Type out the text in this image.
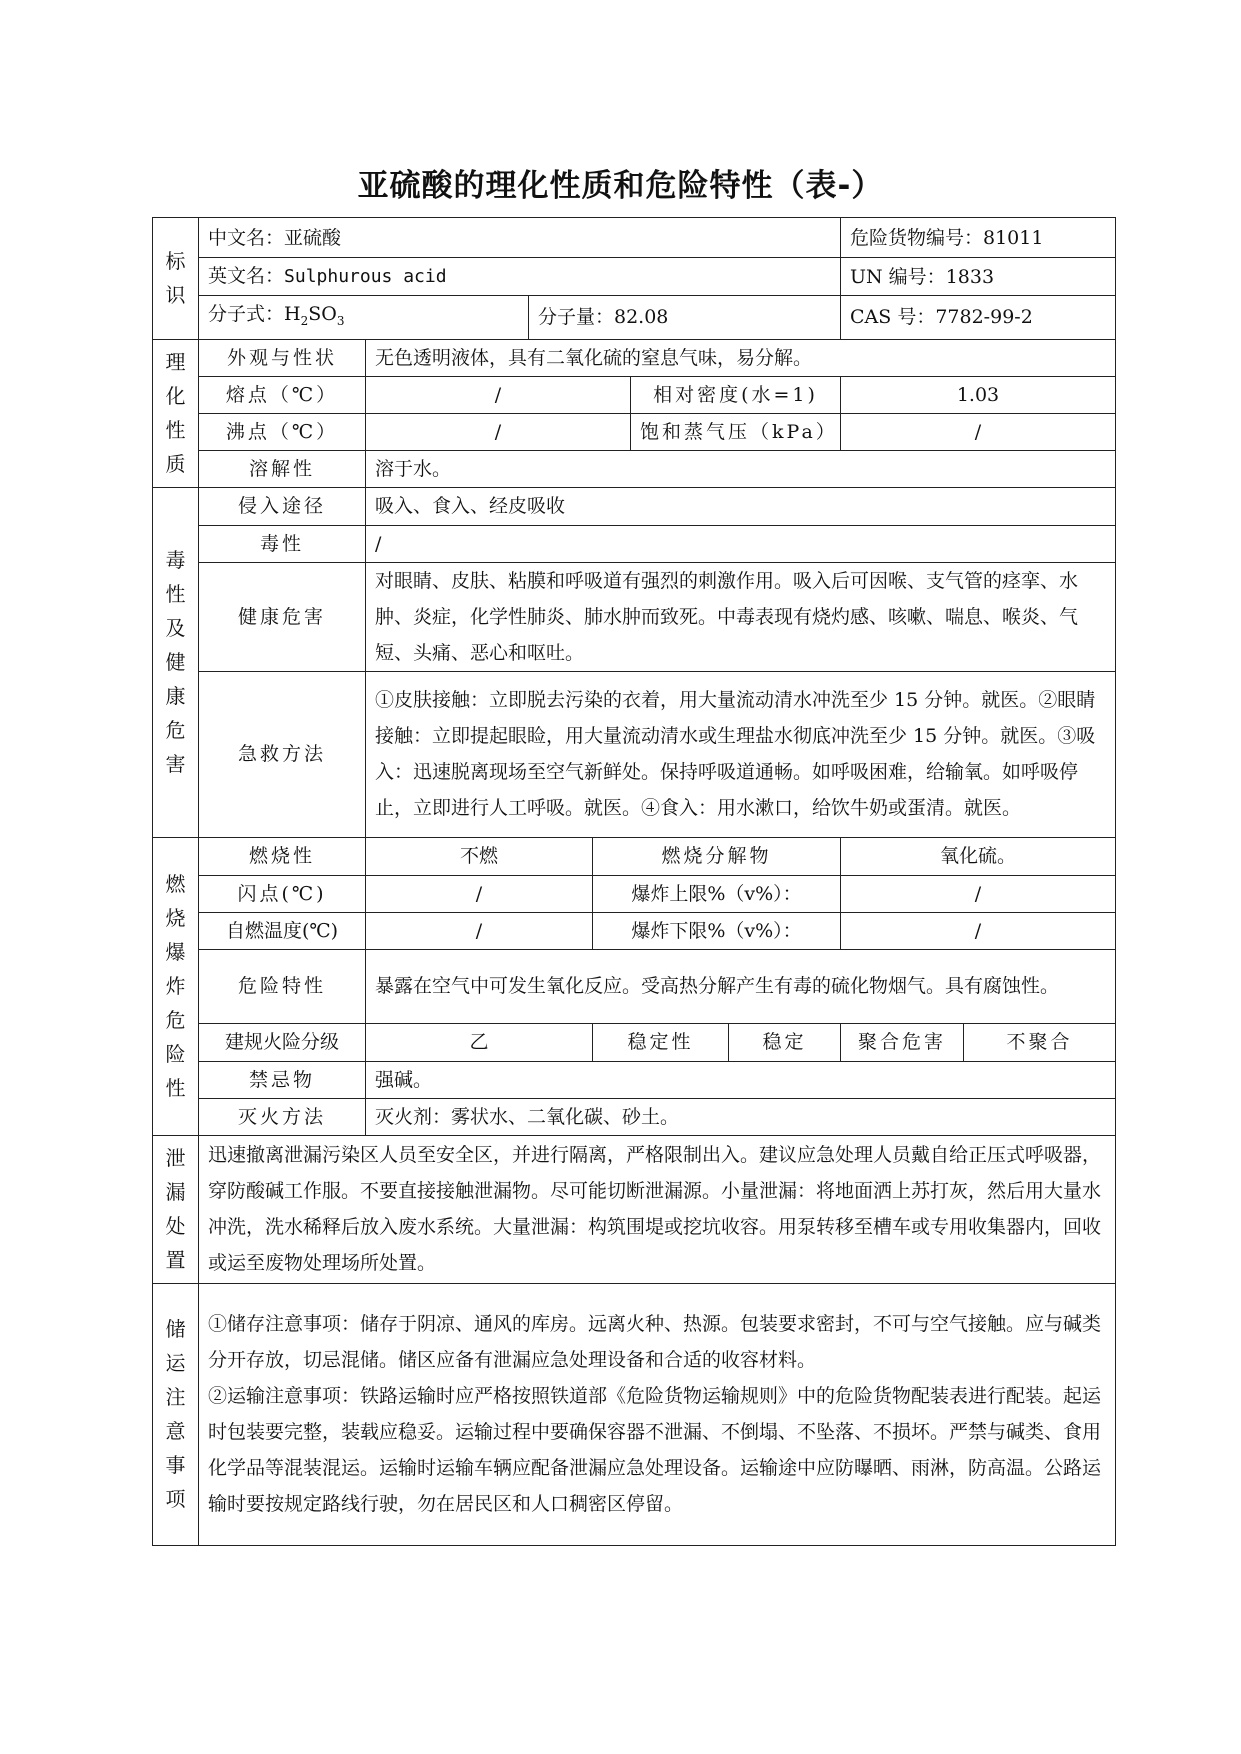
亚硫酸的理化性质和危险特性（表-）
标识	中文名：亚硫酸						危险货物编号：81011	
	英文名：Sulphurous acid						UN 编号：1833	
	分子式：$H_2SO_3$		分子量：82.08				CAS 号：7782-99-2	

理化性质	外观与性状	无色透明液体，具有二氧化硫的窒息气味，易分解。						
	熔点（℃）	/			相对密度(水=1)		1.03	
	沸点（℃）	/			饱和蒸气压（kPa）		/	
	溶解性	溶于水。						

毒性及健康危害	侵入途径	吸入、食入、经皮吸收						
	毒性	/						
	健康危害	对眼睛、皮肤、粘膜和呼吸道有强烈的刺激作用。吸入后可因喉、支气管的痉挛、水肿、炎症，化学性肺炎、肺水肿而致死。中毒表现有烧灼感、咳嗽、喘息、喉炎、气短、头痛、恶心和呕吐。						
	急救方法	①皮肤接触：立即脱去污染的衣着，用大量流动清水冲洗至少 15 分钟。就医。②眼睛接触：立即提起眼睑，用大量流动清水或生理盐水彻底冲洗至少 15 分钟。就医。③吸入：迅速脱离现场至空气新鲜处。保持呼吸道通畅。如呼吸困难，给输氧。如呼吸停止，立即进行人工呼吸。就医。④食入：用水漱口，给饮牛奶或蛋清。就医。						

燃烧爆炸危险性	燃烧性	不燃		燃烧分解物			氧化硫。	
	闪点(℃)	/		爆炸上限%（v%）：			/	
	自燃温度(℃)	/		爆炸下限%（v%）：			/	
	危险特性	暴露在空气中可发生氧化反应。受高热分解产生有毒的硫化物烟气。具有腐蚀性。						
	建规火险分级	乙		稳定性		稳定	聚合危害	不聚合
	禁忌物	强碱。						
	灭火方法	灭火剂：雾状水、二氧化碳、砂土。						

泄漏处置	迅速撤离泄漏污染区人员至安全区，并进行隔离，严格限制出入。建议应急处理人员戴自给正压式呼吸器，穿防酸碱工作服。不要直接接触泄漏物。尽可能切断泄漏源。小量泄漏：将地面洒上苏打灰，然后用大量水冲洗，洗水稀释后放入废水系统。大量泄漏：构筑围堤或挖坑收容。用泵转移至槽车或专用收集器内，回收或运至废物处理场所处置。							

储运注意事项	①储存注意事项：储存于阴凉、通风的库房。远离火种、热源。包装要求密封，不可与空气接触。应与碱类分开存放，切忌混储。储区应备有泄漏应急处理设备和合适的收容材料。
②运输注意事项：铁路运输时应严格按照铁道部《危险货物运输规则》中的危险货物配装表进行配装。起运时包装要完整，装载应稳妥。运输过程中要确保容器不泄漏、不倒塌、不坠落、不损坏。严禁与碱类、食用化学品等混装混运。运输时运输车辆应配备泄漏应急处理设备。运输途中应防曝晒、雨淋，防高温。公路运输时要按规定路线行驶，勿在居民区和人口稠密区停留。							
